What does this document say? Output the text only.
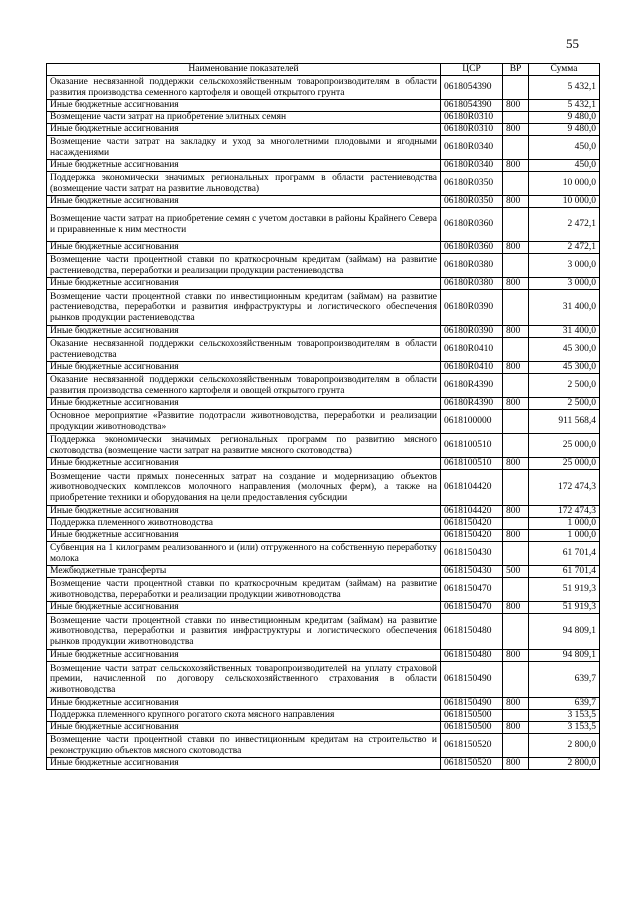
55
Наименование показателей	ЦСР	ВР	Сумма
Оказание несвязанной поддержки сельскохозяйственным товаропроизводителям в области развития производства семенного картофеля и овощей открытого грунта	0618054390		5 432,1
Иные бюджетные ассигнования	0618054390	800	5 432,1
Возмещение части затрат на приобретение элитных семян	06180R0310		9 480,0
Иные бюджетные ассигнования	06180R0310	800	9 480,0
Возмещение части затрат на закладку и уход за многолетними плодовыми и ягодными насаждениями	06180R0340		450,0
Иные бюджетные ассигнования	06180R0340	800	450,0
Поддержка экономически значимых региональных программ в области растениеводства (возмещение части затрат на развитие льноводства)	06180R0350		10 000,0
Иные бюджетные ассигнования	06180R0350	800	10 000,0
Возмещение части затрат на приобретение семян с учетом доставки в районы Крайнего Севера и приравненные к ним местности	06180R0360		2 472,1
Иные бюджетные ассигнования	06180R0360	800	2 472,1
Возмещение части процентной ставки по краткосрочным кредитам (займам) на развитие растениеводства, переработки и реализации продукции растениеводства	06180R0380		3 000,0
Иные бюджетные ассигнования	06180R0380	800	3 000,0
Возмещение части процентной ставки по инвестиционным кредитам (займам) на развитие растениеводства, переработки и развития инфраструктуры и логистического обеспечения рынков продукции растениеводства	06180R0390		31 400,0
Иные бюджетные ассигнования	06180R0390	800	31 400,0
Оказание несвязанной поддержки сельскохозяйственным товаропроизводителям в области растениеводства	06180R0410		45 300,0
Иные бюджетные ассигнования	06180R0410	800	45 300,0
Оказание несвязанной поддержки сельскохозяйственным товаропроизводителям в области развития производства семенного картофеля и овощей открытого грунта	06180R4390		2 500,0
Иные бюджетные ассигнования	06180R4390	800	2 500,0
Основное мероприятие «Развитие подотрасли животноводства, переработки и реализации продукции животноводства»	0618100000		911 568,4
Поддержка экономически значимых региональных программ по развитию мясного скотоводства (возмещение части затрат на развитие мясного скотоводства)	0618100510		25 000,0
Иные бюджетные ассигнования	0618100510	800	25 000,0
Возмещение части прямых понесенных затрат на создание и модернизацию объектов животноводческих комплексов молочного направления (молочных ферм), а также на приобретение техники и оборудования на цели предоставления субсидии	0618104420		172 474,3
Иные бюджетные ассигнования	0618104420	800	172 474,3
Поддержка племенного животноводства	0618150420		1 000,0
Иные бюджетные ассигнования	0618150420	800	1 000,0
Субвенция на 1 килограмм реализованного и (или) отгруженного на собственную переработку молока	0618150430		61 701,4
Межбюджетные трансферты	0618150430	500	61 701,4
Возмещение части процентной ставки по краткосрочным кредитам (займам) на развитие животноводства, переработки и реализации продукции животноводства	0618150470		51 919,3
Иные бюджетные ассигнования	0618150470	800	51 919,3
Возмещение части процентной ставки по инвестиционным кредитам (займам) на развитие животноводства, переработки и развития инфраструктуры и логистического обеспечения рынков продукции животноводства	0618150480		94 809,1
Иные бюджетные ассигнования	0618150480	800	94 809,1
Возмещение части затрат сельскохозяйственных товаропроизводителей на уплату страховой премии, начисленной по договору сельскохозяйственного страхования в области животноводства	0618150490		639,7
Иные бюджетные ассигнования	0618150490	800	639,7
Поддержка племенного крупного рогатого скота мясного направления	0618150500		3 153,5
Иные бюджетные ассигнования	0618150500	800	3 153,5
Возмещение части процентной ставки по инвестиционным кредитам на строительство и реконструкцию объектов мясного скотоводства	0618150520		2 800,0
Иные бюджетные ассигнования	0618150520	800	2 800,0
